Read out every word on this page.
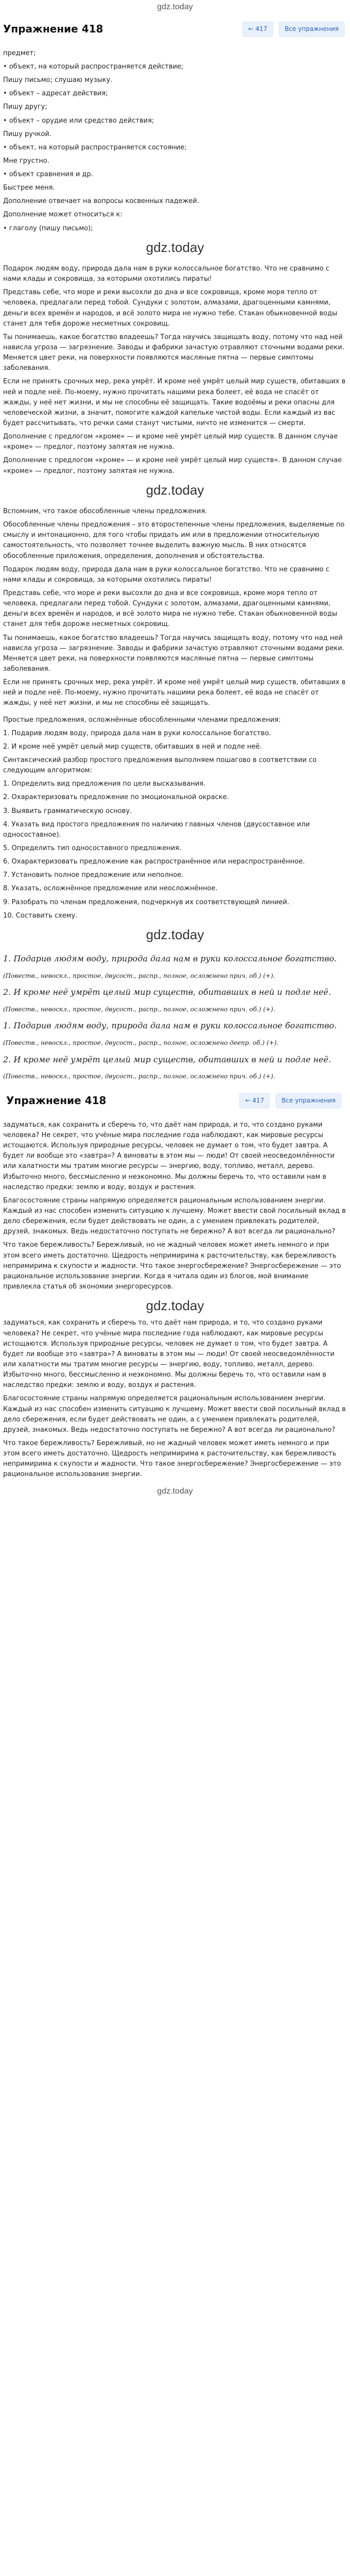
gdz.today
Упражнение 418	← 417	Все упражнения

предмет;

• объект, на который распространяется действие;

Пишу письмо; слушаю музыку.

• объект – адресат действия;

Пишу другу;

• объект – орудие или средство действия;

Пишу ручкой.

• объект, на который распространяется состояние;

Мне грустно.

• объект сравнения и др.

Быстрее меня.

Дополнение отвечает на вопросы косвенных падежей.

Дополнение может относиться к:

• глаголу (пишу письмо);

gdz.today

Подарок людям воду, природа дала нам в руки колоссальное богатство. Что не сравнимо с нами клады и сокровища, за которыми охотились пираты!

Представь себе, что море и реки высохли до дна и все сокровища, кроме моря тепло от человека, предлагали перед тобой. Сундуки с золотом, алмазами, драгоценными камнями, деньги всех времён и народов, и всё золото мира не нужно тебе. Стакан обыкновенной воды станет для тебя дороже несметных сокровищ.

Ты понимаешь, какое богатство владеешь? Тогда научись защищать воду, потому что над ней нависла угроза — загрязнение. Заводы и фабрики зачастую отравляют сточными водами реки. Меняется цвет реки, на поверхности появляются масляные пятна — первые симптомы заболевания.

Если не принять срочных мер, река умрёт. И кроме неё умрёт целый мир существ, обитавших в ней и подле неё. По-моему, нужно прочитать нашими река болеет, её вода не спасёт от жажды, у неё нет жизни, и мы не способны её защищать. Такие водоёмы и реки опасны для человеческой жизни, а значит, помогите каждой капельке чистой воды. Если каждый из вас будет рассчитывать, что речки сами станут чистыми, ничто не изменится — смерти.

Дополнение с предлогом «кроме» — и кроме неё умрёт целый мир существ. В данном случае «кроме» — предлог, поэтому запятая не нужна.

Дополнение с предлогом «кроме» — и кроме неё умрёт целый мир существ». В данном случае «кроме» — предлог, поэтому запятая не нужна.

gdz.today

Вспомним, что такое обособленные члены предложения.

Обособленные члены предложения – это второстепенные члены предложения, выделяемые по смыслу и интонационно, для того чтобы придать им или в предложении относительную самостоятельность, что позволяет точнее выделить важную мысль. В них относятся обособленные приложения, определения, дополнения и обстоятельства.

Подарок людям воду, природа дала нам в руки колоссальное богатство. Что не сравнимо с нами клады и сокровища, за которыми охотились пираты!

Представь себе, что море и реки высохли до дна и все сокровища, кроме моря тепло от человека, предлагали перед тобой. Сундуки с золотом, алмазами, драгоценными камнями, деньги всех времён и народов, и всё золото мира не нужно тебе. Стакан обыкновенной воды станет для тебя дороже несметных сокровищ.

Ты понимаешь, какое богатство владеешь? Тогда научись защищать воду, потому что над ней нависла угроза — загрязнение. Заводы и фабрики зачастую отравляют сточными водами реки. Меняется цвет реки, на поверхности появляются масляные пятна — первые симптомы заболевания.

Если не принять срочных мер, река умрёт. И кроме неё умрёт целый мир существ, обитавших в ней и подле неё. По-моему, нужно прочитать нашими река болеет, её вода не спасёт от жажды, у неё нет жизни, и мы не способны её защищать.

Простые предложения, осложнённые обособленными членами предложения:

1. Подарив людям воду, природа дала нам в руки колоссальное богатство.

2. И кроме неё умрёт целый мир существ, обитавших в ней и подле неё.

Синтаксический разбор простого предложения выполняем пошагово в соответствии со следующим алгоритмом:

1. Определить вид предложения по цели высказывания.

2. Охарактеризовать предложение по эмоциональной окраске.

3. Выявить грамматическую основу.

4. Указать вид простого предложения по наличию главных членов (двусоставное или односоставное).

5. Определить тип односоставного предложения.

6. Охарактеризовать предложение как распространённое или нераспространённое.

7. Установить полное предложение или неполное.

8. Указать, осложнённое предложение или неосложнённое.

9. Разобрать по членам предложения, подчеркнув их соответствующей линией.

10. Составить схему.

gdz.today

1. Подарив людям воду, природа дала нам в руки колоссальное богатство.

(Повеств., невоскл., простое, двусост., распр., полное, осложнено прич. об.) (+).

2. И кроме неё умрёт целый мир существ, обитавших в ней и подле неё.

(Повеств., невоскл., простое, двусост., распр., полное, осложнено прич. об.) (+).

1. Подарив людям воду, природа дала нам в руки колоссальное богатство.

(Повеств., невоскл., простое, двусост., распр., полное, осложнено деепр. об.) (+).

2. И кроме неё умрёт целый мир существ, обитавших в ней и подле неё.

(Повеств., невоскл., простое, двусост., распр., полное, осложнено прич. об.) (+).

Упражнение 418	← 417	Все упражнения

задуматься, как сохранить и сберечь то, что даёт нам природа, и то, что создано руками человека? Не секрет, что учёные мира последние года наблюдают, как мировые ресурсы истощаются. Используя природные ресурсы, человек не думает о том, что будет завтра. А будет ли вообще это «завтра»? А виноваты в этом мы — люди! От своей неосведомлённости или халатности мы тратим многие ресурсы — энергию, воду, топливо, металл, дерево. Избыточно много, бессмысленно и неэкономно. Мы должны беречь то, что оставили нам в наследство предки: землю и воду, воздух и растения.

Благосостояние страны напрямую определяется рациональным использованием энергии. Каждый из нас способен изменить ситуацию к лучшему. Может ввести свой посильный вклад в дело сбережения, если будет действовать не один, а с умением привлекать родителей, друзей, знакомых. Ведь недостаточно поступать не бережно? А вот всегда ли рационально?

Что такое бережливость? Бережливый, но не жадный человек может иметь немного и при этом всего иметь достаточно. Щедрость непримирима к расточительству, как бережливость непримирима к скупости и жадности. Что такое энергосбережение? Энергосбережение — это рациональное использование энергии. Когда я читала один из блогов, мой внимание привлекла статья об экономии энергоресурсов.

gdz.today

задуматься, как сохранить и сберечь то, что даёт нам природа, и то, что создано руками человека? Не секрет, что учёные мира последние года наблюдают, как мировые ресурсы истощаются. Используя природные ресурсы, человек не думает о том, что будет завтра. А будет ли вообще это «завтра»? А виноваты в этом мы — люди! От своей неосведомлённости или халатности мы тратим многие ресурсы — энергию, воду, топливо, металл, дерево. Избыточно много, бессмысленно и неэкономно. Мы должны беречь то, что оставили нам в наследство предки: землю и воду, воздух и растения.

Благосостояние страны напрямую определяется рациональным использованием энергии. Каждый из нас способен изменить ситуацию к лучшему. Может ввести свой посильный вклад в дело сбережения, если будет действовать не один, а с умением привлекать родителей, друзей, знакомых. Ведь недостаточно поступать не бережно? А вот всегда ли рационально?

Что такое бережливость? Бережливый, но не жадный человек может иметь немного и при этом всего иметь достаточно. Щедрость непримирима к расточительству, как бережливость непримирима к скупости и жадности. Что такое энергосбережение? Энергосбережение — это рациональное использование энергии.

gdz.today
